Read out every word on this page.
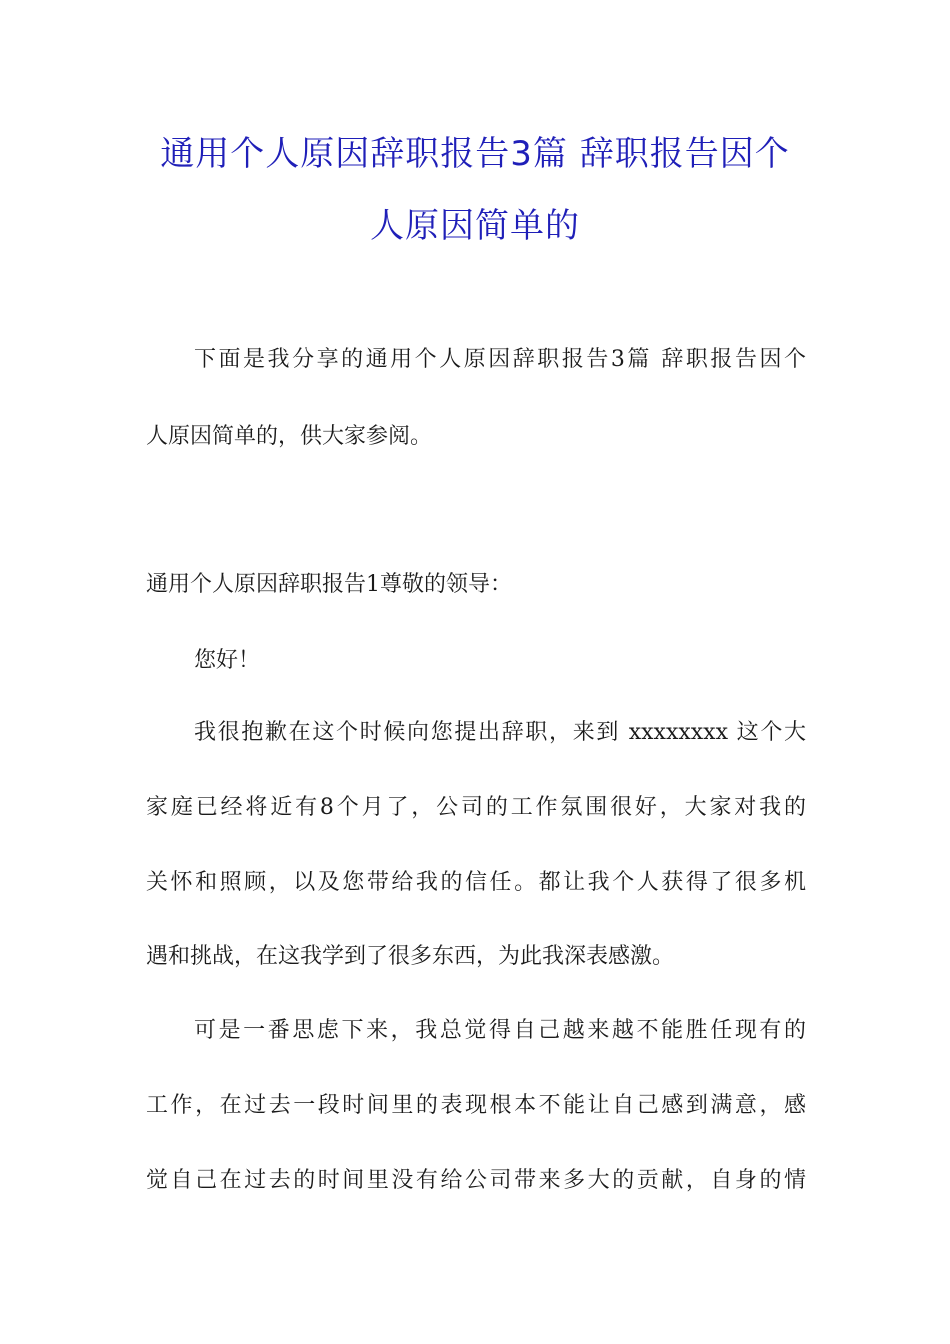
通用个人原因辞职报告3篇 辞职报告因个
人原因简单的

下面是我分享的通用个人原因辞职报告3篇 辞职报告因个

人原因简单的，供大家参阅。

通用个人原因辞职报告1尊敬的领导：

您好！

我很抱歉在这个时候向您提出辞职，来到 xxxxxxxx 这个大

家庭已经将近有8个月了，公司的工作氛围很好，大家对我的

关怀和照顾，以及您带给我的信任。都让我个人获得了很多机

遇和挑战，在这我学到了很多东西，为此我深表感激。

可是一番思虑下来，我总觉得自己越来越不能胜任现有的

工作，在过去一段时间里的表现根本不能让自己感到满意，感

觉自己在过去的时间里没有给公司带来多大的贡献，自身的情
